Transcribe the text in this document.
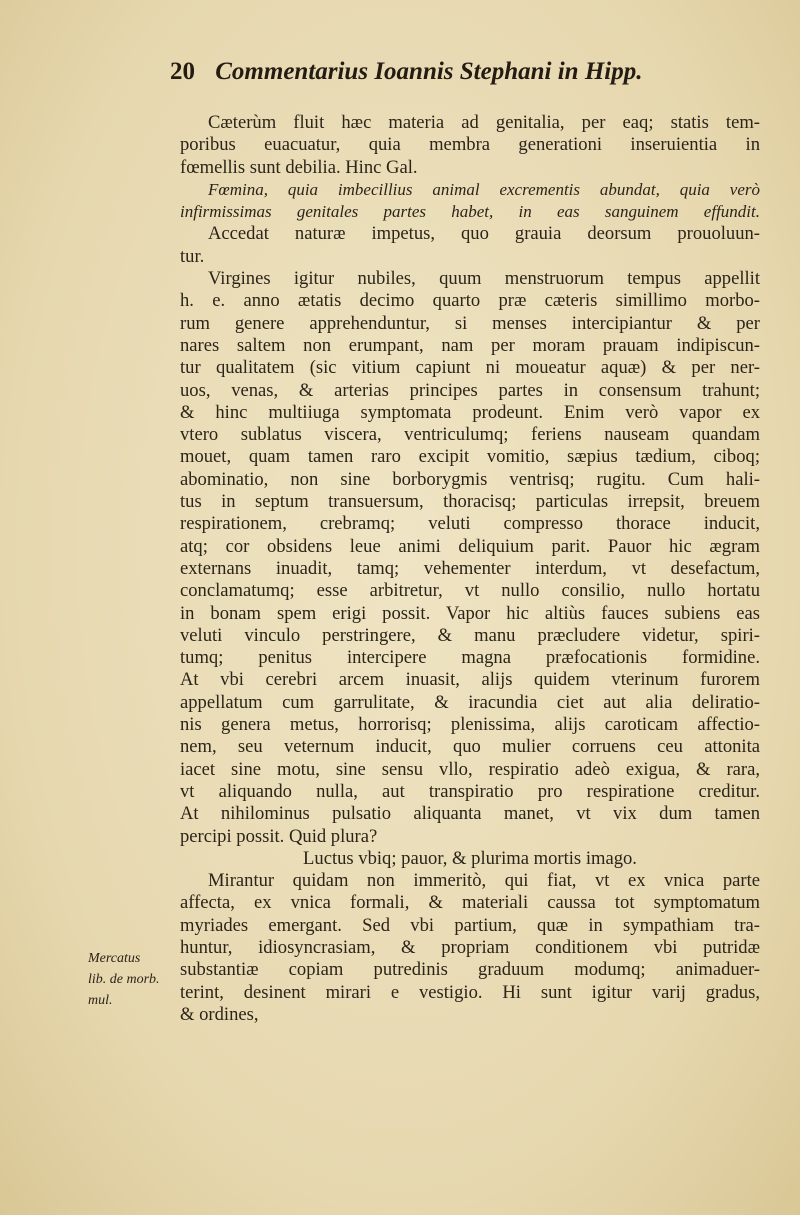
20 Commentarius Ioannis Stephani in Hipp.
Cæterùm fluit hæc materia ad genitalia, per eaq; statis tem-
poribus euacuatur, quia membra generationi inseruientia in
fœmellis sunt debilia. Hinc Gal.
Fœmina, quia imbecillius animal excrementis abundat, quia verò
infirmissimas genitales partes habet, in eas sanguinem effundit.
Accedat naturæ impetus, quo grauia deorsum prouoluun-
tur.
Virgines igitur nubiles, quum menstruorum tempus appellit
h. e. anno ætatis decimo quarto præ cæteris simillimo morbo-
rum genere apprehenduntur, si menses intercipiantur & per
nares saltem non erumpant, nam per moram prauam indipiscun-
tur qualitatem (sic vitium capiunt ni moueatur aquæ) & per ner-
uos, venas, & arterias principes partes in consensum trahunt;
& hinc multiiuga symptomata prodeunt. Enim verò vapor ex
vtero sublatus viscera, ventriculumq; feriens nauseam quandam
mouet, quam tamen raro excipit vomitio, sæpius tædium, ciboq;
abominatio, non sine borborygmis ventrisq; rugitu. Cum hali-
tus in septum transuersum, thoracisq; particulas irrepsit, breuem
respirationem, crebramq; veluti compresso thorace inducit,
atq; cor obsidens leue animi deliquium parit. Pauor hic ægram
externans inuadit, tamq; vehementer interdum, vt desefactum,
conclamatumq; esse arbitretur, vt nullo consilio, nullo hortatu
in bonam spem erigi possit. Vapor hic altiùs fauces subiens eas
veluti vinculo perstringere, & manu præcludere videtur, spiri-
tumq; penitus intercipere magna præfocationis formidine.
At vbi cerebri arcem inuasit, alijs quidem vterinum furorem
appellatum cum garrulitate, & iracundia ciet aut alia deliratio-
nis genera metus, horrorisq; plenissima, alijs caroticam affectio-
nem, seu veternum inducit, quo mulier corruens ceu attonita
iacet sine motu, sine sensu vllo, respiratio adeò exigua, & rara,
vt aliquando nulla, aut transpiratio pro respiratione creditur.
At nihilominus pulsatio aliquanta manet, vt vix dum tamen
percipi possit. Quid plura?
Luctus vbiq; pauor, & plurima mortis imago.
Mirantur quidam non immeritò, qui fiat, vt ex vnica parte
affecta, ex vnica formali, & materiali caussa tot symptomatum
myriades emergant. Sed vbi partium, quæ in sympathiam tra-
huntur, idiosyncrasiam, & propriam conditionem vbi putridæ
substantiæ copiam putredinis graduum modumq; animaduer-
terint, desinent mirari e vestigio. Hi sunt igitur varij gradus,
& ordines,
Mercatus
lib. de morb.
mul.
